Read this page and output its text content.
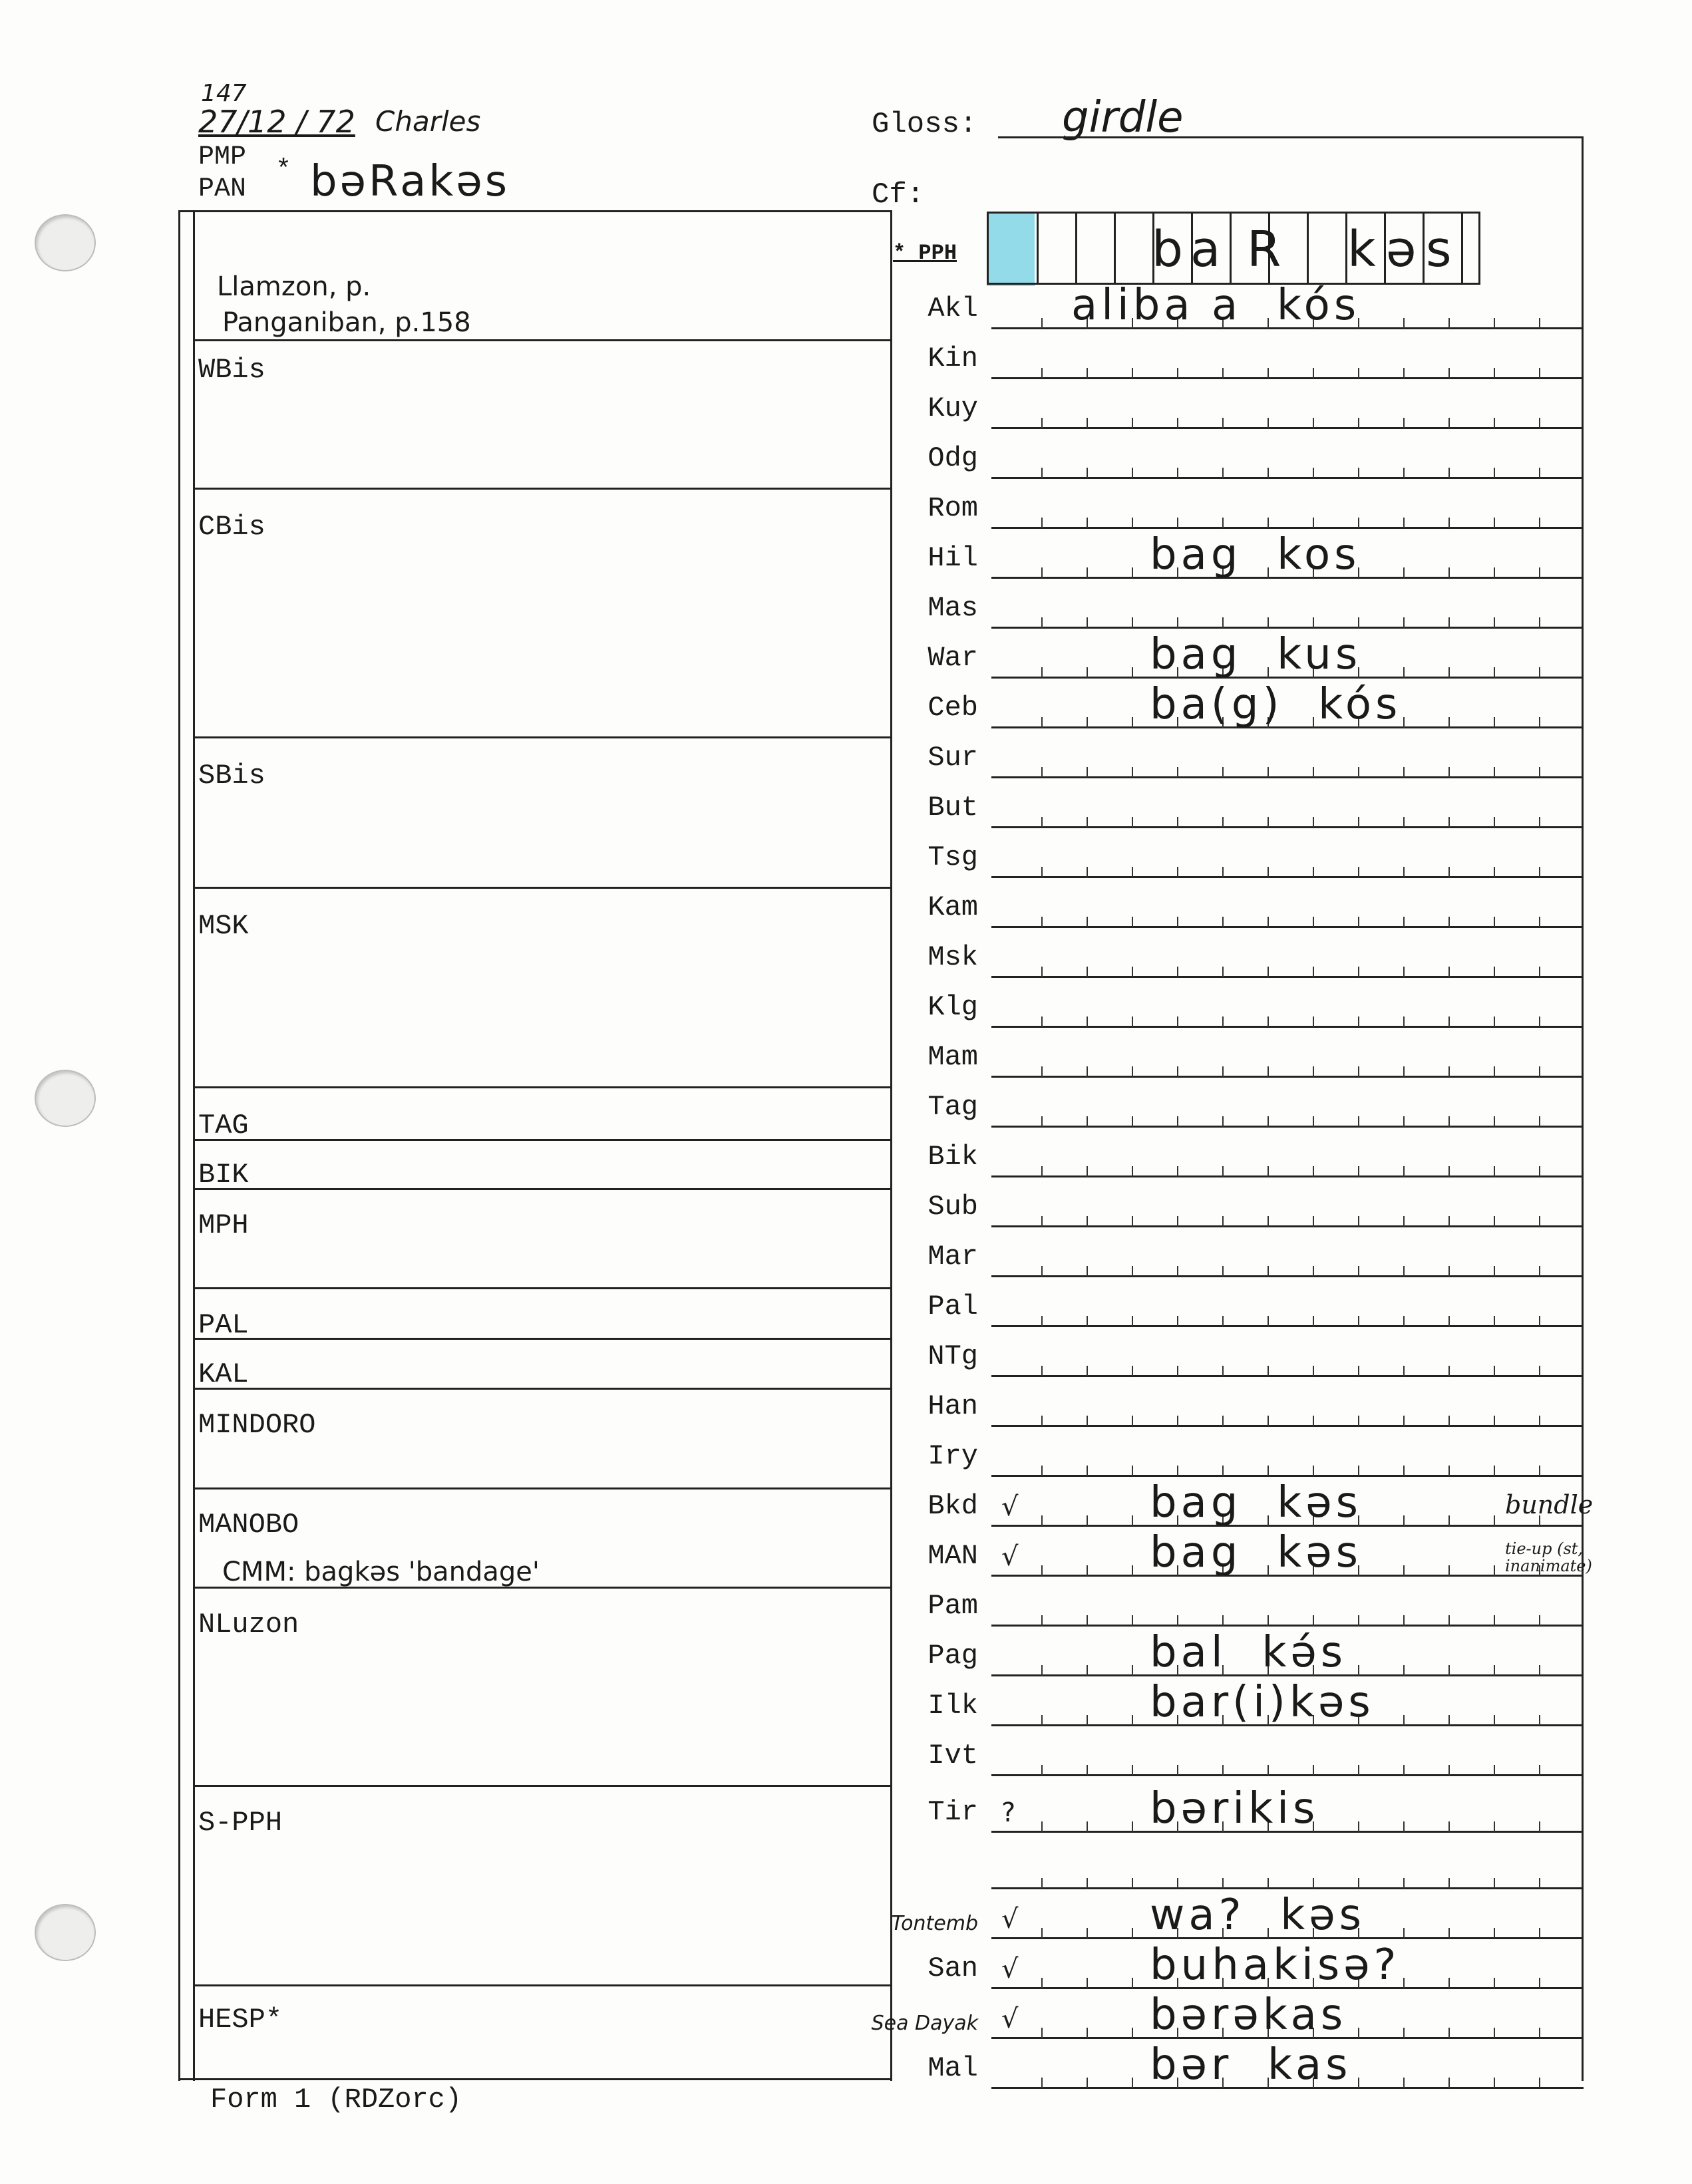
147
27/12 / 72 Charles
PMP
PAN
* bəRakəs
Gloss: girdle
Cf:
Llamzon, p.
Panganiban, p.158
WBis
CBis
SBis
MSK
TAG
BIK
MPH
PAL
KAL
MINDORO
MANOBO
CMM: bagkəs 'bandage'
NLuzon
S-PPH
HESP*
* PPH	b a R k ə s
Akl aliba a  kós
Kin
Kuy
Odg
Rom
Hil	bag  kos
Mas
War	bag  kus
Ceb	ba(g)  kós
Sur
But
Tsg
Kam
Msk
Klg
Mam
Tag
Bik
Sub
Mar
Pal
NTg
Han
Iry
Bkd √	bag  kəs	bundle
MAN √	bag  kəs	tie-up (st, inanimate)
Pam
Pag	bal  kə́s
Ilk	bar(i)kəs
Ivt
Tir ?	bərikis
Tontemb √	wa?  kəs
San √	buhakisə?
Sea Dayak √	bərəkas
Mal	bər  kas
Form 1 (RDZorc)
